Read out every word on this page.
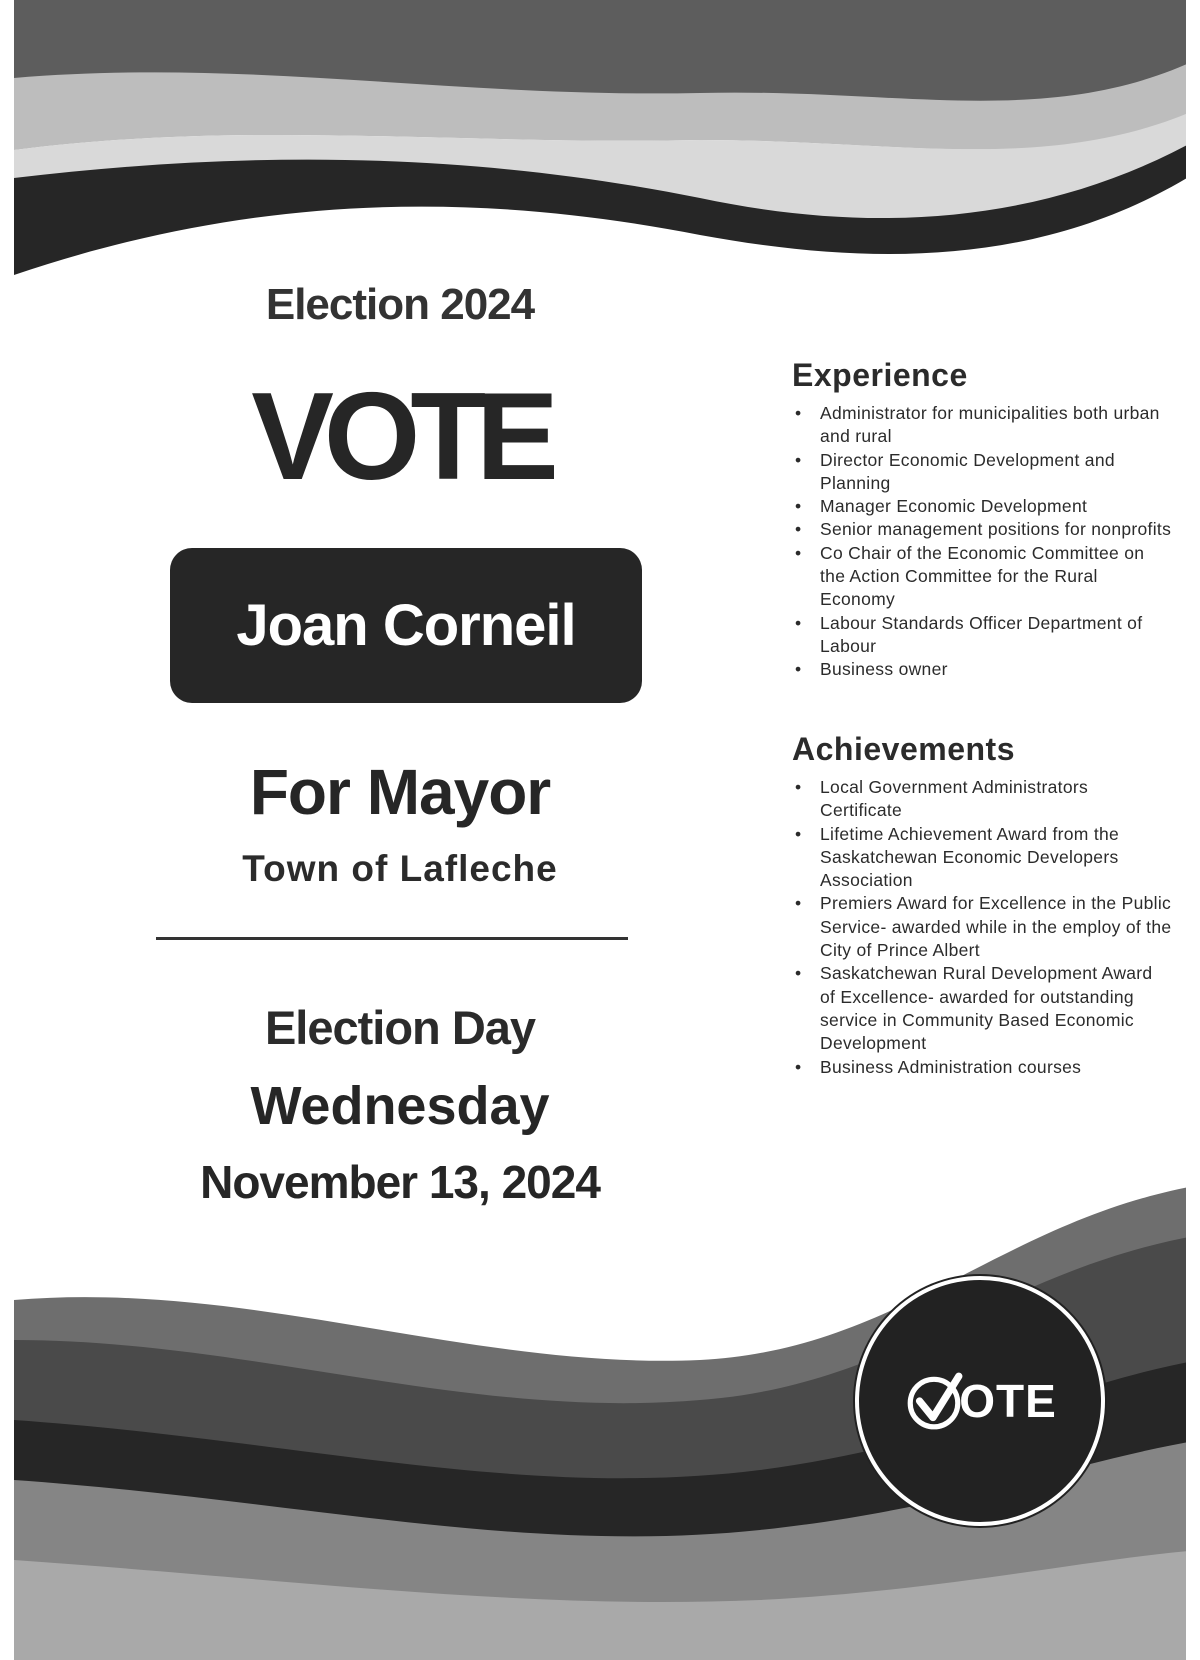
Election 2024
VOTE
Joan Corneil
For Mayor
Town of Lafleche
Election Day
Wednesday
November 13, 2024
Experience
• Administrator for municipalities both urban and rural
• Director Economic Development and Planning
• Manager Economic Development
• Senior management positions for nonprofits
• Co Chair of the Economic Committee on the Action Committee for the Rural Economy
• Labour Standards Officer Department of Labour
• Business owner
Achievements
• Local Government Administrators Certificate
• Lifetime Achievement Award from the Saskatchewan Economic Developers Association
• Premiers Award for Excellence in the Public Service- awarded while in the employ of the City of Prince Albert
• Saskatchewan Rural Development Award of Excellence- awarded for outstanding service in Community Based Economic Development
• Business Administration courses
OTE
